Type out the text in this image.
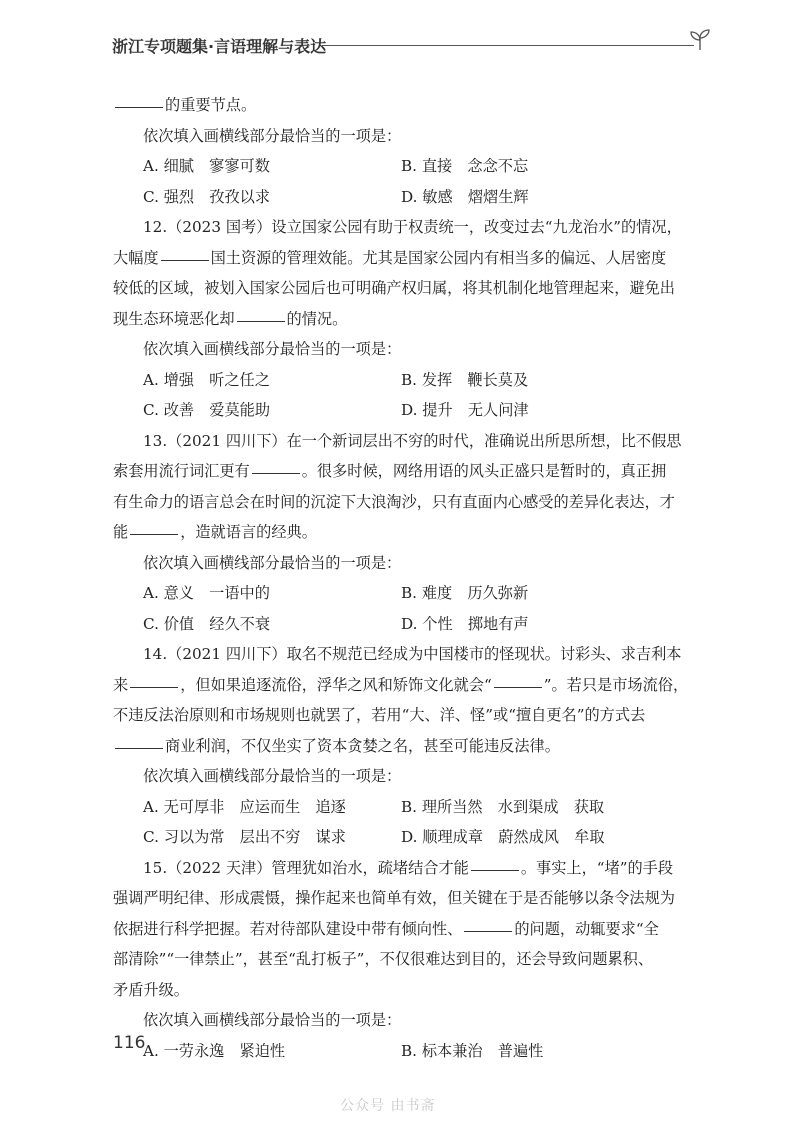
浙江专项题集·言语理解与表达

的重要节点。

依次填入画横线部分最恰当的一项是：

A. 细腻　寥寥可数	B. 直接　念念不忘
C. 强烈　孜孜以求	D. 敏感　熠熠生辉

12.（2023 国考）设立国家公园有助于权责统一，改变过去“九龙治水”的情况，

大幅度	国土资源的管理效能。尤其是国家公园内有相当多的偏远、人居密度

较低的区域，被划入国家公园后也可明确产权归属，将其机制化地管理起来，避免出

现生态环境恶化却	的情况。

依次填入画横线部分最恰当的一项是：

A. 增强　听之任之	B. 发挥　鞭长莫及
C. 改善　爱莫能助	D. 提升　无人问津

13.（2021 四川下）在一个新词层出不穷的时代，准确说出所思所想，比不假思

索套用流行词汇更有	。很多时候，网络用语的风头正盛只是暂时的，真正拥

有生命力的语言总会在时间的沉淀下大浪淘沙，只有直面内心感受的差异化表达，才

能	，造就语言的经典。

依次填入画横线部分最恰当的一项是：

A. 意义　一语中的	B. 难度　历久弥新
C. 价值　经久不衰	D. 个性　掷地有声

14.（2021 四川下）取名不规范已经成为中国楼市的怪现状。讨彩头、求吉利本

来	，但如果追逐流俗，浮华之风和矫饰文化就会“	”。若只是市场流俗，

不违反法治原则和市场规则也就罢了，若用“大、洋、怪”或“擅自更名”的方式去

商业利润，不仅坐实了资本贪婪之名，甚至可能违反法律。

依次填入画横线部分最恰当的一项是：

A. 无可厚非　应运而生　追逐	B. 理所当然　水到渠成　获取
C. 习以为常　层出不穷　谋求	D. 顺理成章　蔚然成风　牟取

15.（2022 天津）管理犹如治水，疏堵结合才能	。事实上，“堵”的手段

强调严明纪律、形成震慑，操作起来也简单有效，但关键在于是否能够以条令法规为

依据进行科学把握。若对待部队建设中带有倾向性、	的问题，动辄要求“全

部清除”“一律禁止”，甚至“乱打板子”，不仅很难达到目的，还会导致问题累积、

矛盾升级。

依次填入画横线部分最恰当的一项是：

A. 一劳永逸　紧迫性	B. 标本兼治　普遍性
116
公众号 由书斋
